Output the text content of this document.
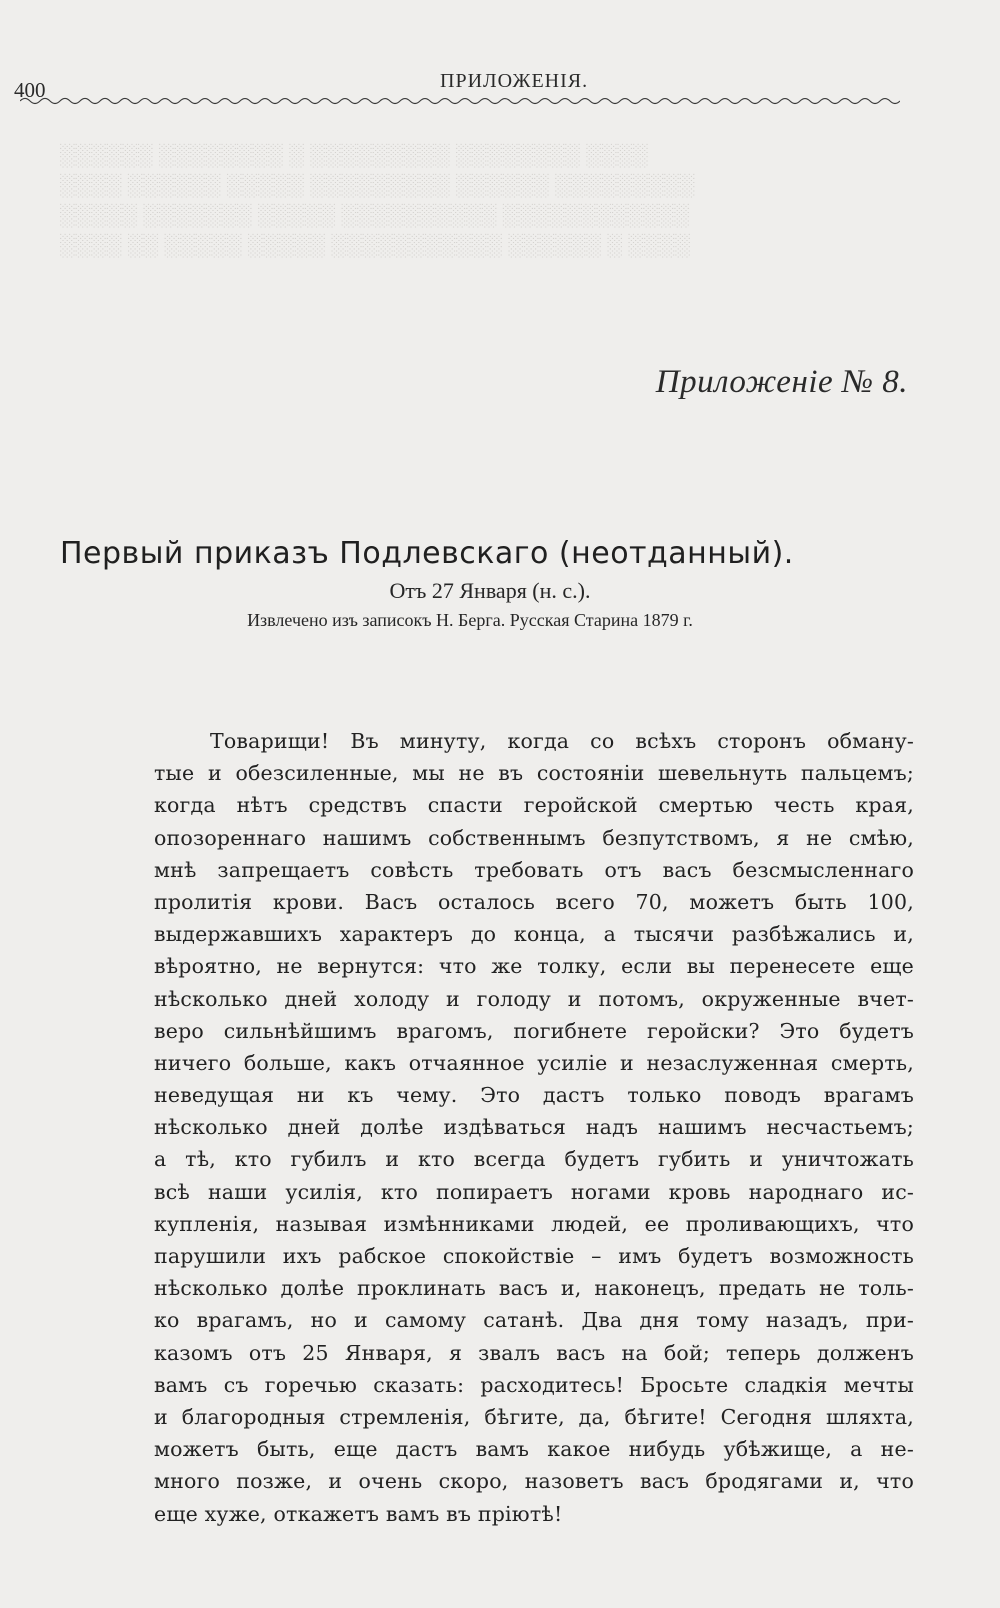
░░░░ ░░░░░░░░ ░░░░░░░░░ ░ ░░░░░░░░ ░░░░░░
░░░░░░░░░ ░░░░░░ ░░░░░░░░░ ░░░░░ ░░░░░░ ░░░░
░░░░░░░░░░░░ ░░░░░░░░░░ ░░░░░ ░░░░░░░ ░░░░░
░░░░ ░ ░░░░░░ ░░░░░░░░░░░ ░░░░░ ░░░░░ ░░ ░░░░
400	ПРИЛОЖЕНІЯ.
Приложеніе № 8.
Первый приказъ Подлевскаго (неотданный).
Отъ 27 Января (н. с.).
Извлечено изъ записокъ Н. Берга. Русская Старина 1879 г.
Товарищи! Въ минуту, когда со всѣхъ сторонъ обману-
тые и обезсиленные, мы не въ состояніи шевельнуть пальцемъ;
когда нѣтъ средствъ спасти геройской смертью честь края,
опозореннаго нашимъ собственнымъ безпутствомъ, я не смѣю,
мнѣ запрещаетъ совѣсть требовать отъ васъ безсмысленнаго
пролитія крови. Васъ осталось всего 70, можетъ быть 100,
выдержавшихъ характеръ до конца, а тысячи разбѣжались и,
вѣроятно, не вернутся: что же толку, если вы перенесете еще
нѣсколько дней холоду и голоду и потомъ, окруженные вчет-
веро сильнѣйшимъ врагомъ, погибнете геройски? Это будетъ
ничего больше, какъ отчаянное усиліе и незаслуженная смерть,
неведущая ни къ чему. Это дастъ только поводъ врагамъ
нѣсколько дней долѣе издѣваться надъ нашимъ несчастьемъ;
а тѣ, кто губилъ и кто всегда будетъ губить и уничтожать
всѣ наши усилія, кто попираетъ ногами кровь народнаго ис-
купленія, называя измѣнниками людей, ее проливающихъ, что
парушили ихъ рабское спокойствіе – имъ будетъ возможность
нѣсколько долѣе проклинать васъ и, наконецъ, предать не толь-
ко врагамъ, но и самому сатанѣ. Два дня тому назадъ, при-
казомъ отъ 25 Января, я звалъ васъ на бой; теперь долженъ
вамъ съ горечью сказать: расходитесь! Бросьте сладкія мечты
и благородныя стремленія, бѣгите, да, бѣгите! Сегодня шляхта,
можетъ быть, еще дастъ вамъ какое нибудь убѣжище, а не-
много позже, и очень скоро, назоветъ васъ бродягами и, что
еще хуже, откажетъ вамъ въ пріютѣ!
